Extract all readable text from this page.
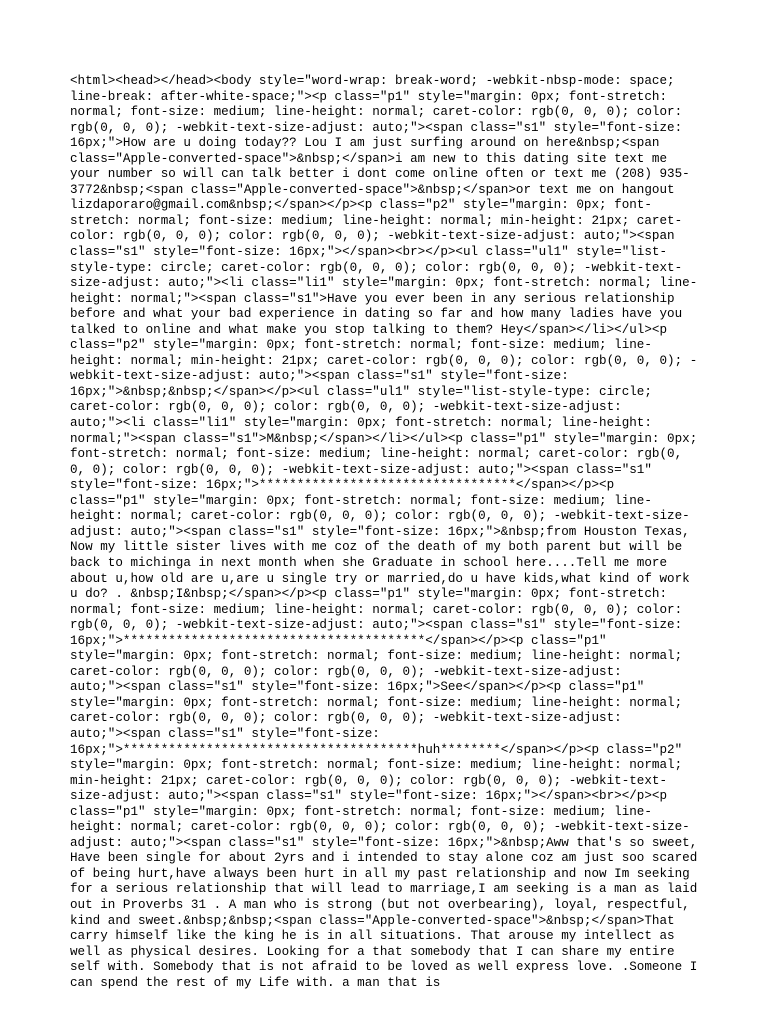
<html><head></head><body style="word-wrap: break-word; -webkit-nbsp-mode: space;
line-break: after-white-space;"><p class="p1" style="margin: 0px; font-stretch:
normal; font-size: medium; line-height: normal; caret-color: rgb(0, 0, 0); color:
rgb(0, 0, 0); -webkit-text-size-adjust: auto;"><span class="s1" style="font-size:
16px;">How are u doing today?? Lou I am just surfing around on here&nbsp;<span
class="Apple-converted-space">&nbsp;</span>i am new to this dating site text me
your number so will can talk better i dont come online often or text me (208) 935-
3772&nbsp;<span class="Apple-converted-space">&nbsp;</span>or text me on hangout
lizdaporaro@gmail.com&nbsp;</span></p><p class="p2" style="margin: 0px; font-
stretch: normal; font-size: medium; line-height: normal; min-height: 21px; caret-
color: rgb(0, 0, 0); color: rgb(0, 0, 0); -webkit-text-size-adjust: auto;"><span
class="s1" style="font-size: 16px;"></span><br></p><ul class="ul1" style="list-
style-type: circle; caret-color: rgb(0, 0, 0); color: rgb(0, 0, 0); -webkit-text-
size-adjust: auto;"><li class="li1" style="margin: 0px; font-stretch: normal; line-
height: normal;"><span class="s1">Have you ever been in any serious relationship
before and what your bad experience in dating so far and how many ladies have you
talked to online and what make you stop talking to them? Hey</span></li></ul><p
class="p2" style="margin: 0px; font-stretch: normal; font-size: medium; line-
height: normal; min-height: 21px; caret-color: rgb(0, 0, 0); color: rgb(0, 0, 0); -
webkit-text-size-adjust: auto;"><span class="s1" style="font-size:
16px;">&nbsp;&nbsp;</span></p><ul class="ul1" style="list-style-type: circle;
caret-color: rgb(0, 0, 0); color: rgb(0, 0, 0); -webkit-text-size-adjust:
auto;"><li class="li1" style="margin: 0px; font-stretch: normal; line-height:
normal;"><span class="s1">M&nbsp;</span></li></ul><p class="p1" style="margin: 0px;
font-stretch: normal; font-size: medium; line-height: normal; caret-color: rgb(0,
0, 0); color: rgb(0, 0, 0); -webkit-text-size-adjust: auto;"><span class="s1"
style="font-size: 16px;">**********************************</span></p><p
class="p1" style="margin: 0px; font-stretch: normal; font-size: medium; line-
height: normal; caret-color: rgb(0, 0, 0); color: rgb(0, 0, 0); -webkit-text-size-
adjust: auto;"><span class="s1" style="font-size: 16px;">&nbsp;from Houston Texas,
Now my little sister lives with me coz of the death of my both parent but will be
back to michinga in next month when she Graduate in school here....Tell me more
about u,how old are u,are u single try or married,do u have kids,what kind of work
u do? . &nbsp;I&nbsp;</span></p><p class="p1" style="margin: 0px; font-stretch:
normal; font-size: medium; line-height: normal; caret-color: rgb(0, 0, 0); color:
rgb(0, 0, 0); -webkit-text-size-adjust: auto;"><span class="s1" style="font-size:
16px;">****************************************</span></p><p class="p1"
style="margin: 0px; font-stretch: normal; font-size: medium; line-height: normal;
caret-color: rgb(0, 0, 0); color: rgb(0, 0, 0); -webkit-text-size-adjust:
auto;"><span class="s1" style="font-size: 16px;">See</span></p><p class="p1"
style="margin: 0px; font-stretch: normal; font-size: medium; line-height: normal;
caret-color: rgb(0, 0, 0); color: rgb(0, 0, 0); -webkit-text-size-adjust:
auto;"><span class="s1" style="font-size:
16px;">***************************************huh********</span></p><p class="p2"
style="margin: 0px; font-stretch: normal; font-size: medium; line-height: normal;
min-height: 21px; caret-color: rgb(0, 0, 0); color: rgb(0, 0, 0); -webkit-text-
size-adjust: auto;"><span class="s1" style="font-size: 16px;"></span><br></p><p
class="p1" style="margin: 0px; font-stretch: normal; font-size: medium; line-
height: normal; caret-color: rgb(0, 0, 0); color: rgb(0, 0, 0); -webkit-text-size-
adjust: auto;"><span class="s1" style="font-size: 16px;">&nbsp;Aww that's so sweet,
Have been single for about 2yrs and i intended to stay alone coz am just soo scared
of being hurt,have always been hurt in all my past relationship and now Im seeking
for a serious relationship that will lead to marriage,I am seeking is a man as laid
out in Proverbs 31 . A man who is strong (but not overbearing), loyal, respectful,
kind and sweet.&nbsp;&nbsp;<span class="Apple-converted-space">&nbsp;</span>That
carry himself like the king he is in all situations. That arouse my intellect as
well as physical desires. Looking for a that somebody that I can share my entire
self with. Somebody that is not afraid to be loved as well express love. .Someone I
can spend the rest of my Life with. a man that is
